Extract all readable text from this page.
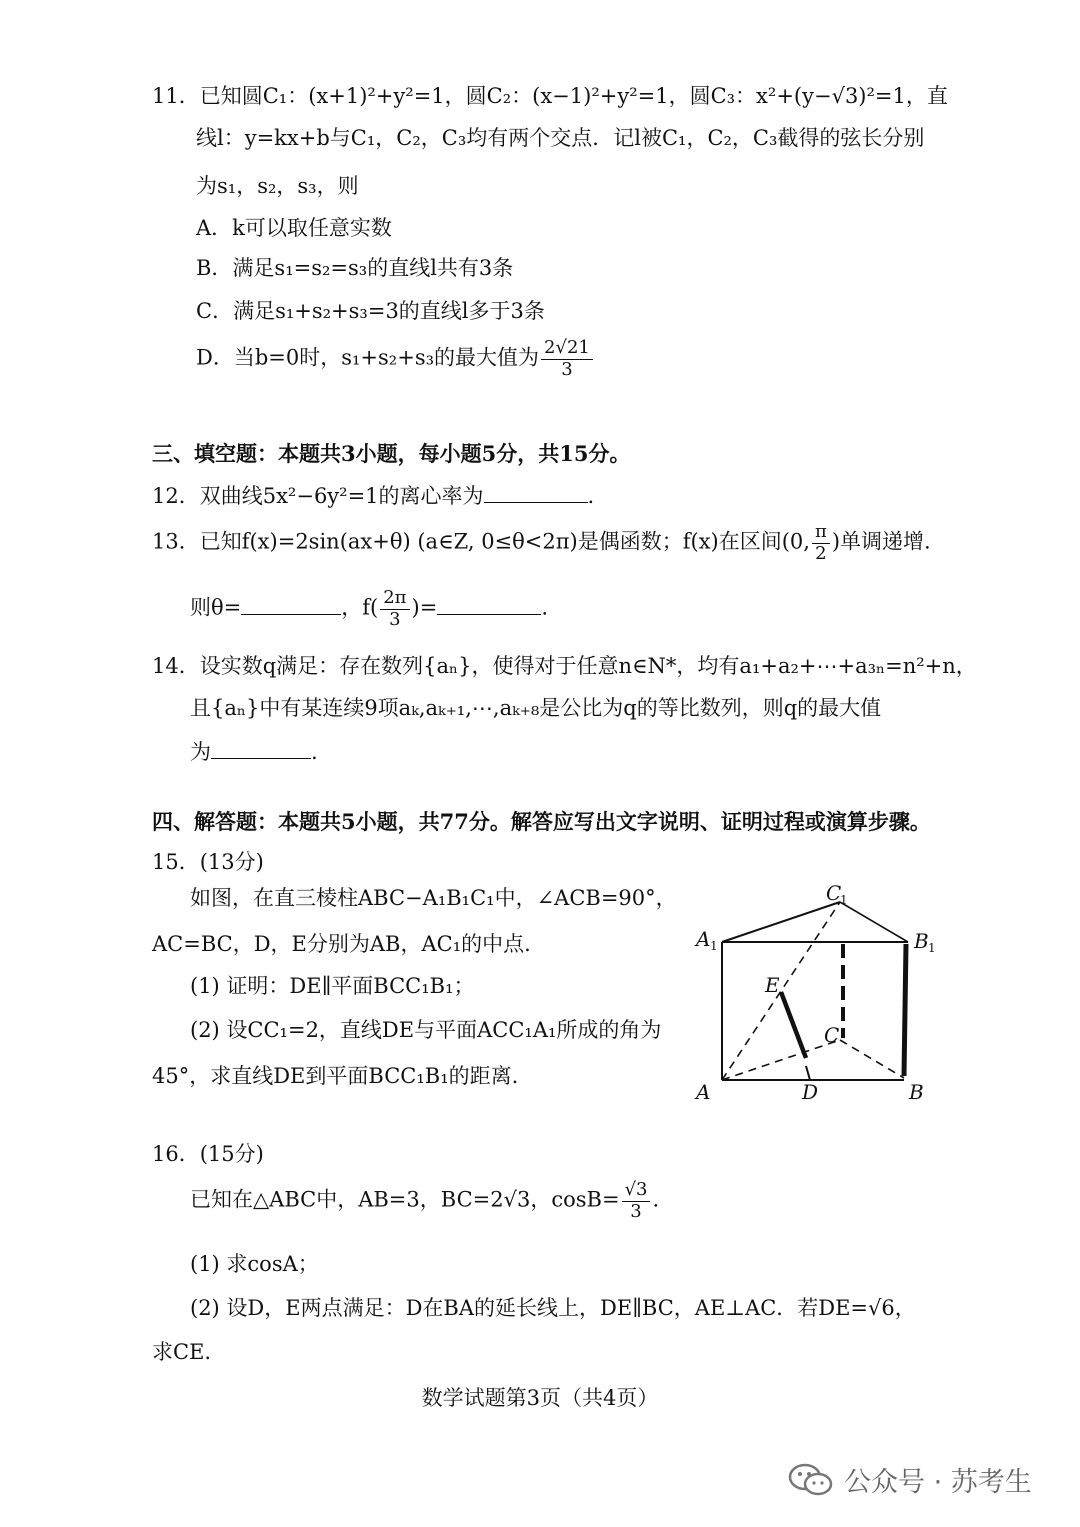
11．已知圆C₁：(x+1)²+y²=1，圆C₂：(x−1)²+y²=1，圆C₃：x²+(y−√3)²=1，直
线l：y=kx+b与C₁，C₂，C₃均有两个交点．记l被C₁，C₂，C₃截得的弦长分别
为s₁，s₂，s₃，则
A．k可以取任意实数
B．满足s₁=s₂=s₃的直线l共有3条
C．满足s₁+s₂+s₃=3的直线l多于3条
D．当b=0时，s₁+s₂+s₃的最大值为 $\frac{2√21}{3}$
三、填空题：本题共3小题，每小题5分，共15分。
12．双曲线5x²−6y²=1的离心率为	.
13．已知f(x)=2sin(ax+θ) (a∈Z, 0≤θ<2π)是偶函数；f(x)在区间(0, $\frac{\pi}{2}$ )单调递增.
则θ=	，$f( \frac{2\pi}{3}$ )=	.
14．设实数q满足：存在数列{aₙ}，使得对于任意n∈N*，均有a₁+a₂+⋯+a₃ₙ=n²+n，
且{aₙ}中有某连续9项aₖ,aₖ₊₁,⋯,aₖ₊₈是公比为q的等比数列，则q的最大值
为	.
四、解答题：本题共5小题，共77分。解答应写出文字说明、证明过程或演算步骤。
15．(13分)
如图，在直三棱柱ABC−A₁B₁C₁中，∠ACB=90°，
AC=BC，D，E分别为AB，AC₁的中点.
(1) 证明：DE∥平面BCC₁B₁；
(2) 设CC₁=2，直线DE与平面ACC₁A₁所成的角为
45°，求直线DE到平面BCC₁B₁的距离.
A	B
D
C
E
A 1	B 1
C
1
16．(15分)
已知在△ABC中，AB=3，BC=2√3，$\cos B= \frac{√3}{3}$ .
(1) 求cosA；
(2) 设D，E两点满足：D在BA的延长线上，DE∥BC，AE⊥AC．若DE=√6，
求CE.
数学试题第3页（共4页）
公众号 · 苏考生
